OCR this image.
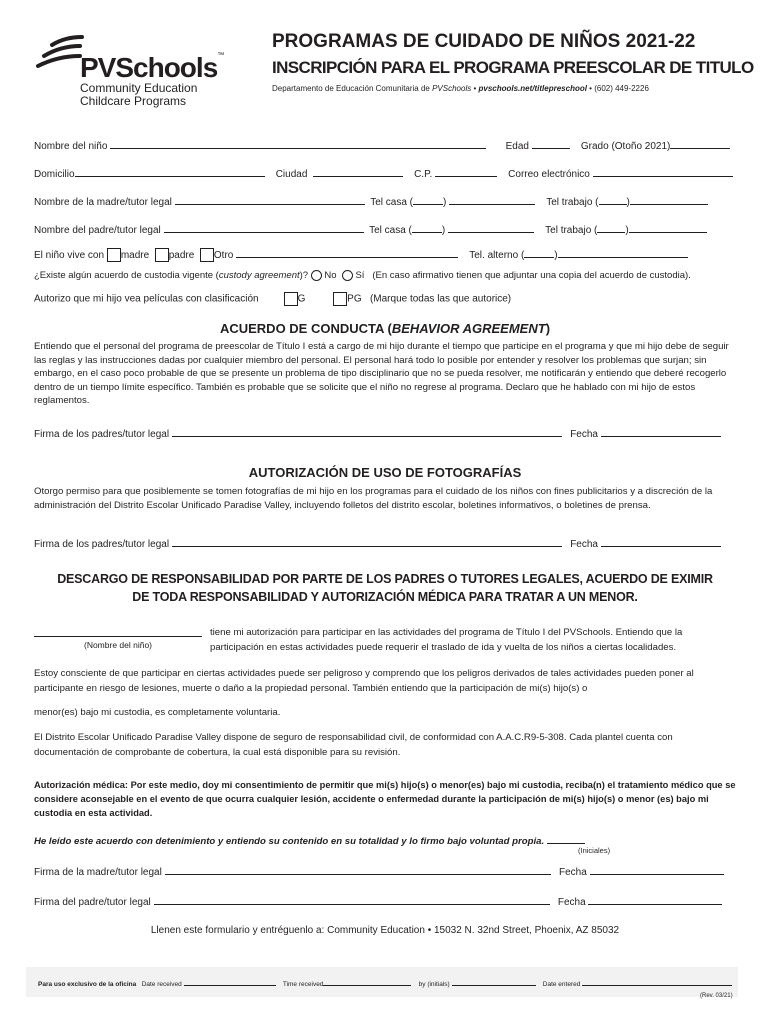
PVSchools™
Community Education
Childcare Programs
PROGRAMAS DE CUIDADO DE NIÑOS 2021-22
INSCRIPCIÓN PARA EL PROGRAMA PREESCOLAR DE TITULO
Departamento de Educación Comunitaria de PVSchools • pvschools.net/titlepreschool • (602) 449-2226
Nombre del niño	Edad	Grado (Otoño 2021)
Domicilio	Ciudad	C.P.	Correo electrónico
Nombre de la madre/tutor legal	Tel casa (	)	Tel trabajo (	)
Nombre del padre/tutor legal	Tel casa (	)	Tel trabajo (	)
El niño vive con madre padre Otro	Tel. alterno (	)
¿Existe algún acuerdo de custodia vigente (custody agreement)? No Sí (En caso afirmativo tienen que adjuntar una copia del acuerdo de custodia).
Autorizo que mi hijo vea películas con clasificación	G	PG (Marque todas las que autorice)
ACUERDO DE CONDUCTA (BEHAVIOR AGREEMENT)
Entiendo que el personal del programa de preescolar de Título I está a cargo de mi hijo durante el tiempo que participe en el programa y que mi hijo debe de seguir las reglas y las instrucciones dadas por cualquier miembro del personal. El personal hará todo lo posible por entender y resolver los problemas que surjan; sin embargo, en el caso poco probable de que se presente un problema de tipo disciplinario que no se pueda resolver, me notificarán y entiendo que deberé recogerlo dentro de un tiempo límite específico. También es probable que se solicite que el niño no regrese al programa. Declaro que he hablado con mi hijo de estos reglamentos.
Firma de los padres/tutor legal	Fecha
AUTORIZACIÓN DE USO DE FOTOGRAFÍAS
Otorgo permiso para que posiblemente se tomen fotografías de mi hijo en los programas para el cuidado de los niños con fines publicitarios y a discreción de la administración del Distrito Escolar Unificado Paradise Valley, incluyendo folletos del distrito escolar, boletines informativos, o boletines de prensa.
Firma de los padres/tutor legal	Fecha
DESCARGO DE RESPONSABILIDAD POR PARTE DE LOS PADRES O TUTORES LEGALES, ACUERDO DE EXIMIR
DE TODA RESPONSABILIDAD Y AUTORIZACIÓN MÉDICA PARA TRATAR A UN MENOR.
(Nombre del niño)
tiene mi autorización para participar en las actividades del programa de Título I del PVSchools. Entiendo que la
participación en estas actividades puede requerir el traslado de ida y vuelta de los niños a ciertas localidades.
Estoy consciente de que participar en ciertas actividades puede ser peligroso y comprendo que los peligros derivados de tales actividades pueden poner al participante en riesgo de lesiones, muerte o daño a la propiedad personal. También entiendo que la participación de mi(s) hijo(s) o
menor(es) bajo mi custodia, es completamente voluntaria.
El Distrito Escolar Unificado Paradise Valley dispone de seguro de responsabilidad civil, de conformidad con A.A.C.R9-5-308. Cada plantel cuenta con documentación de comprobante de cobertura, la cual está disponible para su revisión.
Autorización médica: Por este medio, doy mi consentimiento de permitir que mi(s) hijo(s) o menor(es) bajo mi custodia, reciba(n) el tratamiento médico que se considere aconsejable en el evento de que ocurra cualquier lesión, accidente o enfermedad durante la participación de mi(s) hijo(s) o menor (es) bajo mi custodia en esta actividad.
He leído este acuerdo con detenimiento y entiendo su contenido en su totalidad y lo firmo bajo voluntad propia.
(Iniciales)
Firma de la madre/tutor legal	Fecha
Firma del padre/tutor legal	Fecha
Llenen este formulario y entréguenlo a: Community Education • 15032 N. 32nd Street, Phoenix, AZ 85032
Para uso exclusivo de la oficina Date received	Time received	by (initials)	Date entered
(Rev. 03/21)
